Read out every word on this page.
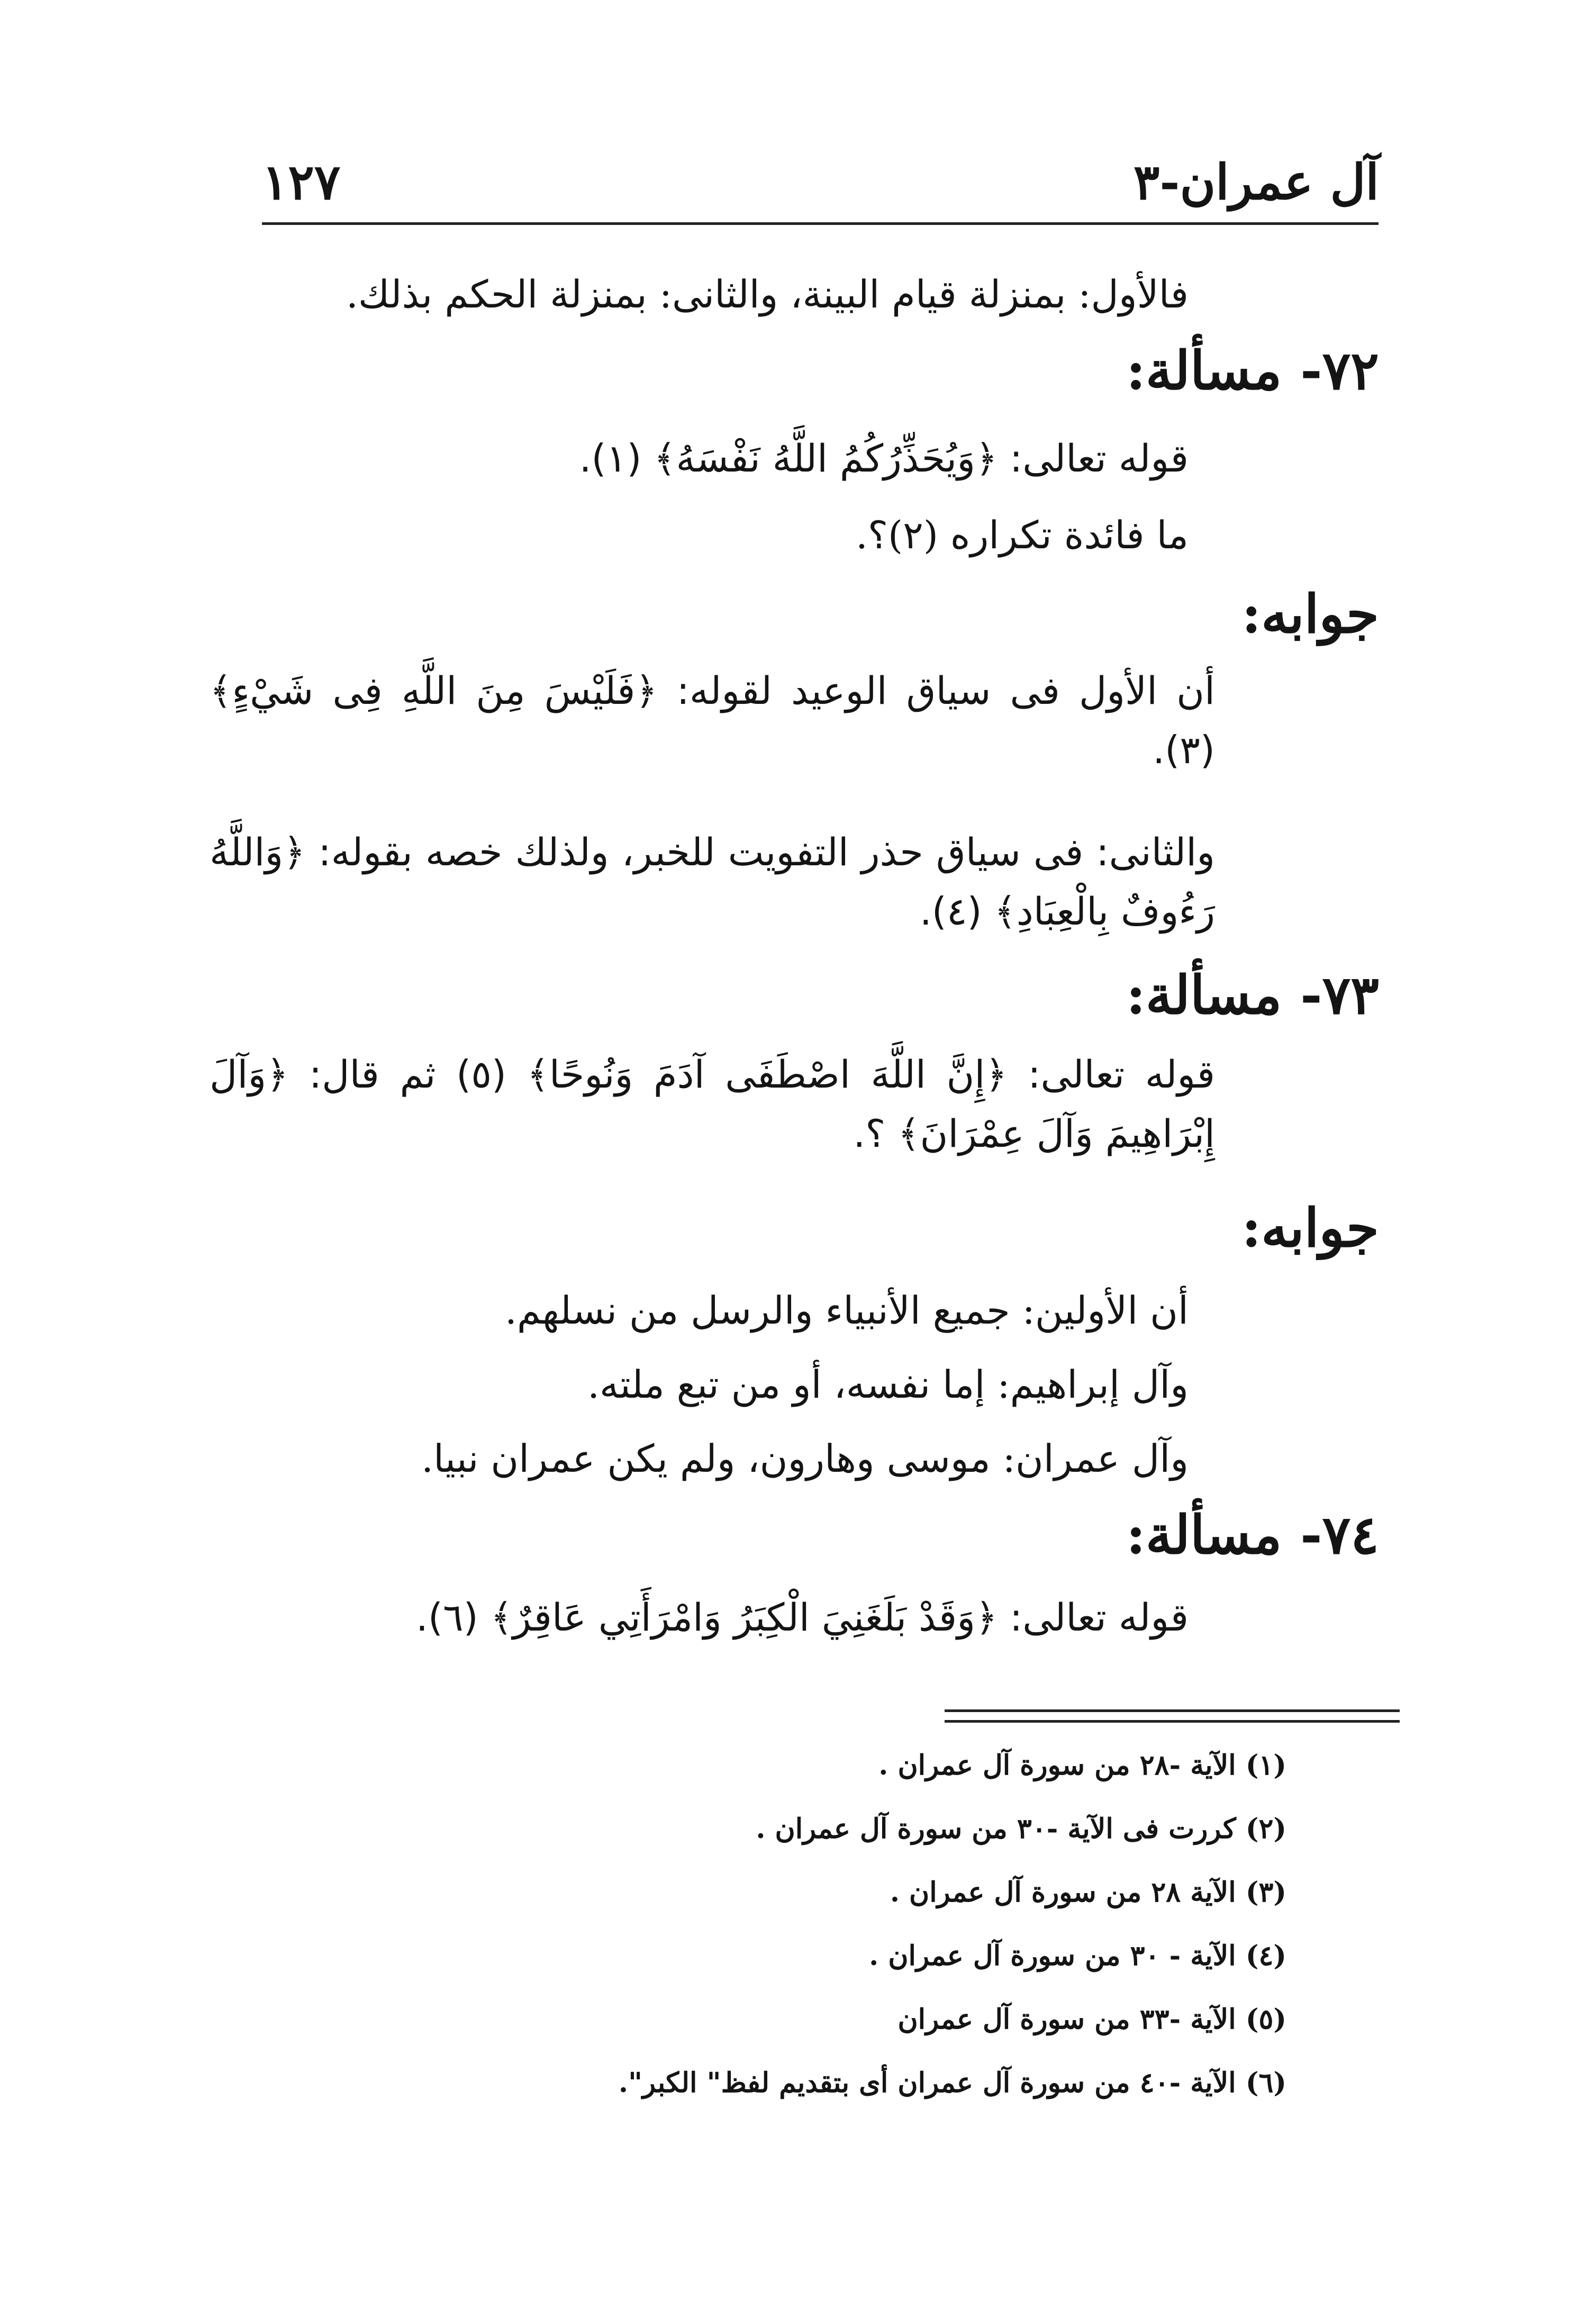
آل عمران-٣
١٢٧
فالأول: بمنزلة قيام البينة، والثانى: بمنزلة الحكم بذلك.
٧٢- مسألة:
قوله تعالى: ﴿وَيُحَذِّرُكُمُ اللَّهُ نَفْسَهُ﴾ (١).
ما فائدة تكراره (٢)؟.
جوابه:
أن الأول فى سياق الوعيد لقوله: ﴿فَلَيْسَ مِنَ اللَّهِ فِى شَيْءٍ﴾ (٣).
والثانى: فى سياق حذر التفويت للخبر، ولذلك خصه بقوله: ﴿وَاللَّهُ رَءُوفٌ بِالْعِبَادِ﴾ (٤).
٧٣- مسألة:
قوله تعالى: ﴿إِنَّ اللَّهَ اصْطَفَى آدَمَ وَنُوحًا﴾ (٥) ثم قال: ﴿وَآلَ إِبْرَاهِيمَ وَآلَ عِمْرَانَ﴾ ؟.
جوابه:
أن الأولين: جميع الأنبياء والرسل من نسلهم.
وآل إبراهيم: إما نفسه، أو من تبع ملته.
وآل عمران: موسى وهارون، ولم يكن عمران نبيا.
٧٤- مسألة:
قوله تعالى: ﴿وَقَدْ بَلَغَنِيَ الْكِبَرُ وَامْرَأَتِي عَاقِرٌ﴾ (٦).
(١) الآية -٢٨ من سورة آل عمران .
(٢) كررت فى الآية -٣٠ من سورة آل عمران .
(٣) الآية ٢٨ من سورة آل عمران .
(٤) الآية - ٣٠ من سورة آل عمران .
(٥) الآية -٣٣ من سورة آل عمران
(٦) الآية -٤٠ من سورة آل عمران أى بتقديم لفظ" الكبر".
